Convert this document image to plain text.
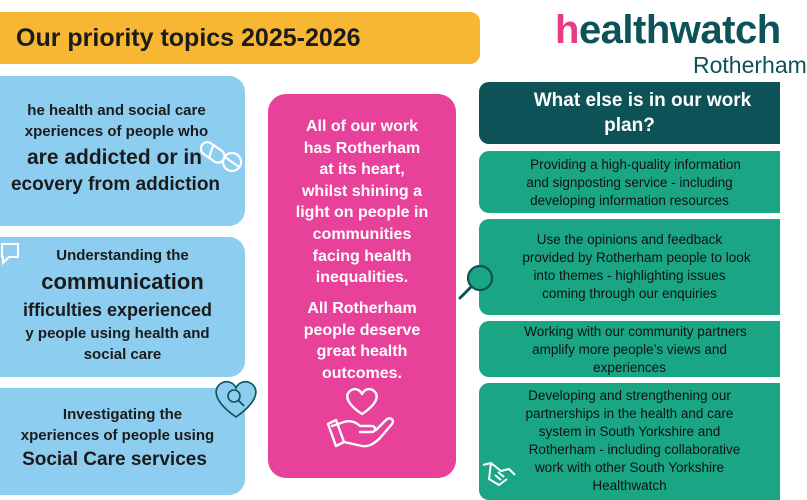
Our priority topics 2025-2026	healthwatch
Rotherham
he health and social care
xperiences of people who
are addicted or in
ecovery from addiction
Understanding the
communication
ifficulties experienced
y people using health and
social care
Investigating the
xperiences of people using
Social Care services
All of our work
has Rotherham
at its heart,
whilst shining a
light on people in
communities
facing health
inequalities.
All Rotherham
people deserve
great health
outcomes.
What else is in our work
plan?
Providing a high-quality information
and signposting service - including
developing information resources
Use the opinions and feedback
provided by Rotherham people to look
into themes - highlighting issues
coming through our enquiries
Working with our community partners
amplify more people’s views and
experiences
Developing and strengthening our
partnerships in the health and care
system in South Yorkshire and
Rotherham - including collaborative
work with other South Yorkshire
Healthwatch
